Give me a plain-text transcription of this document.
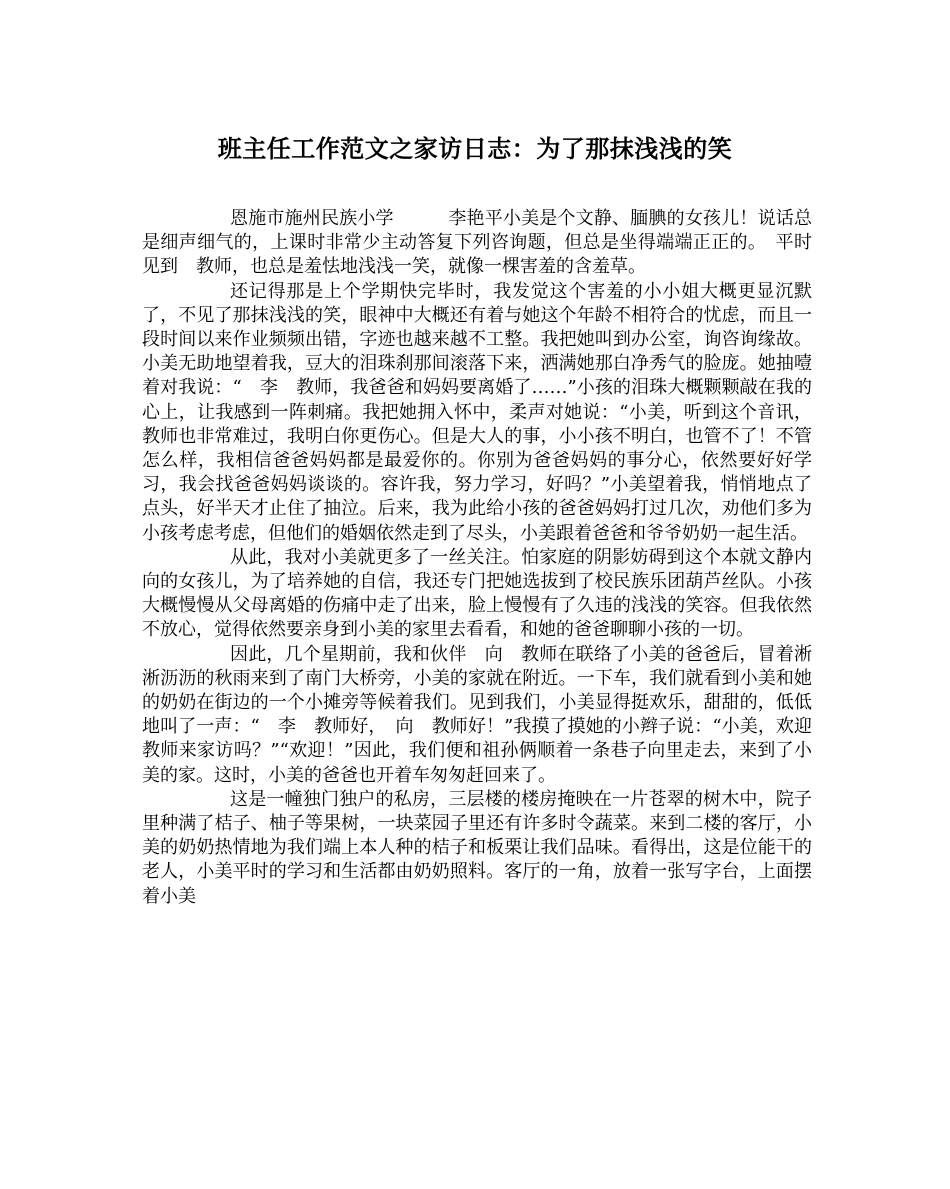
班主任工作范文之家访日志：为了那抹浅浅的笑

恩施市施州民族小学　　　李艳平小美是个文静、腼腆的女孩儿！说话总是细声细气的，上课时非常少主动答复下列咨询题，但总是坐得端端正正的。　平时见到　教师，也总是羞怯地浅浅一笑，就像一棵害羞的含羞草。

还记得那是上个学期快完毕时，我发觉这个害羞的小小姐大概更显沉默了，不见了那抹浅浅的笑，眼神中大概还有着与她这个年龄不相符合的忧虑，而且一段时间以来作业频频出错，字迹也越来越不工整。我把她叫到办公室，询咨询缘故。小美无助地望着我，豆大的泪珠刹那间滚落下来，洒满她那白净秀气的脸庞。她抽噎着对我说：“　李　教师，我爸爸和妈妈要离婚了……”小孩的泪珠大概颗颗敲在我的心上，让我感到一阵刺痛。我把她拥入怀中，柔声对她说：“小美，听到这个音讯，教师也非常难过，我明白你更伤心。但是大人的事，小小孩不明白，也管不了！不管怎么样，我相信爸爸妈妈都是最爱你的。你别为爸爸妈妈的事分心，依然要好好学习，我会找爸爸妈妈谈谈的。容许我，努力学习，好吗？”小美望着我，悄悄地点了点头，好半天才止住了抽泣。后来，我为此给小孩的爸爸妈妈打过几次，劝他们多为小孩考虑考虑，但他们的婚姻依然走到了尽头，小美跟着爸爸和爷爷奶奶一起生活。

从此，我对小美就更多了一丝关注。怕家庭的阴影妨碍到这个本就文静内向的女孩儿，为了培养她的自信，我还专门把她选拔到了校民族乐团葫芦丝队。小孩大概慢慢从父母离婚的伤痛中走了出来，脸上慢慢有了久违的浅浅的笑容。但我依然不放心，觉得依然要亲身到小美的家里去看看，和她的爸爸聊聊小孩的一切。

因此，几个星期前，我和伙伴　向　教师在联络了小美的爸爸后，冒着淅淅沥沥的秋雨来到了南门大桥旁，小美的家就在附近。一下车，我们就看到小美和她的奶奶在街边的一个小摊旁等候着我们。见到我们，小美显得挺欢乐，甜甜的，低低地叫了一声：“　李　教师好，　向　教师好！”我摸了摸她的小辫子说：“小美，欢迎教师来家访吗？”“欢迎！”因此，我们便和祖孙俩顺着一条巷子向里走去，来到了小美的家。这时，小美的爸爸也开着车匆匆赶回来了。

这是一幢独门独户的私房，三层楼的楼房掩映在一片苍翠的树木中，院子里种满了桔子、柚子等果树，一块菜园子里还有许多时令蔬菜。来到二楼的客厅，小美的奶奶热情地为我们端上本人种的桔子和板栗让我们品味。看得出，这是位能干的老人，小美平时的学习和生活都由奶奶照料。客厅的一角，放着一张写字台，上面摆着小美
